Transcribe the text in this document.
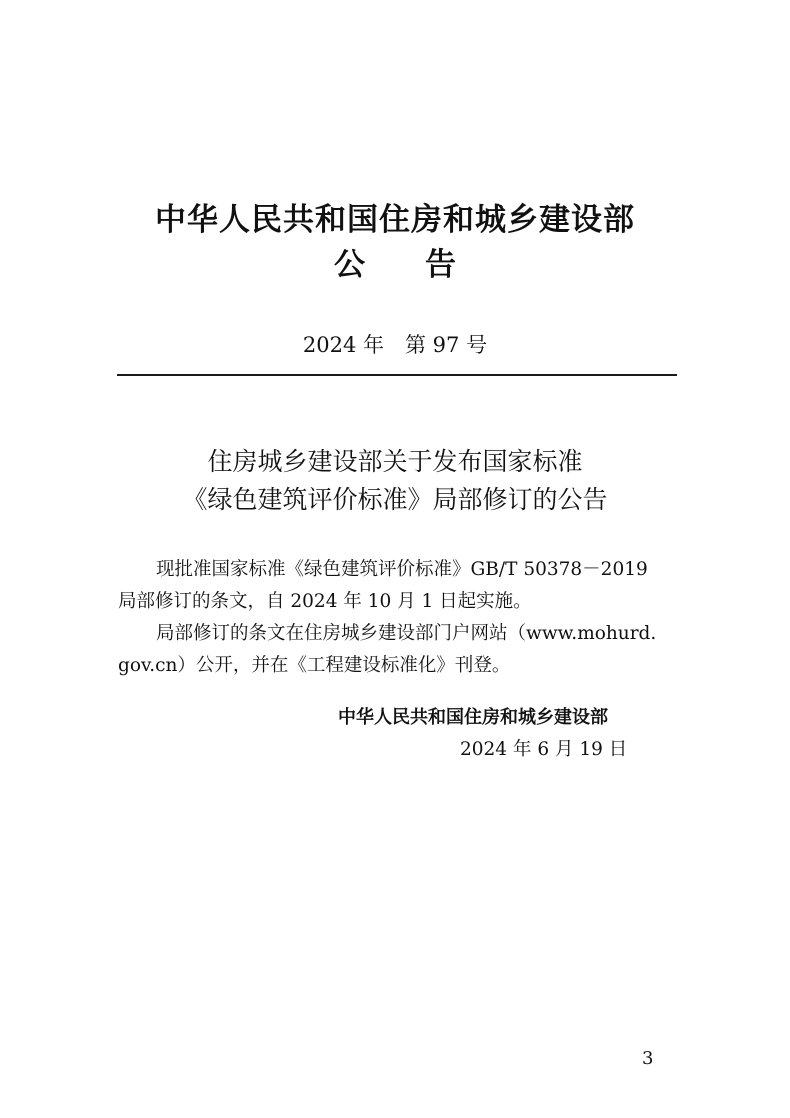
中华人民共和国住房和城乡建设部
公告
2024 年　第 97 号
住房城乡建设部关于发布国家标准
《绿色建筑评价标准》局部修订的公告
现批准国家标准《绿色建筑评价标准》GB/T 50378－2019
局部修订的条文，自 2024 年 10 月 1 日起实施。
局部修订的条文在住房城乡建设部门户网站（www.mohurd.
gov.cn）公开，并在《工程建设标准化》刊登。
中华人民共和国住房和城乡建设部
2024 年 6 月 19 日
3
